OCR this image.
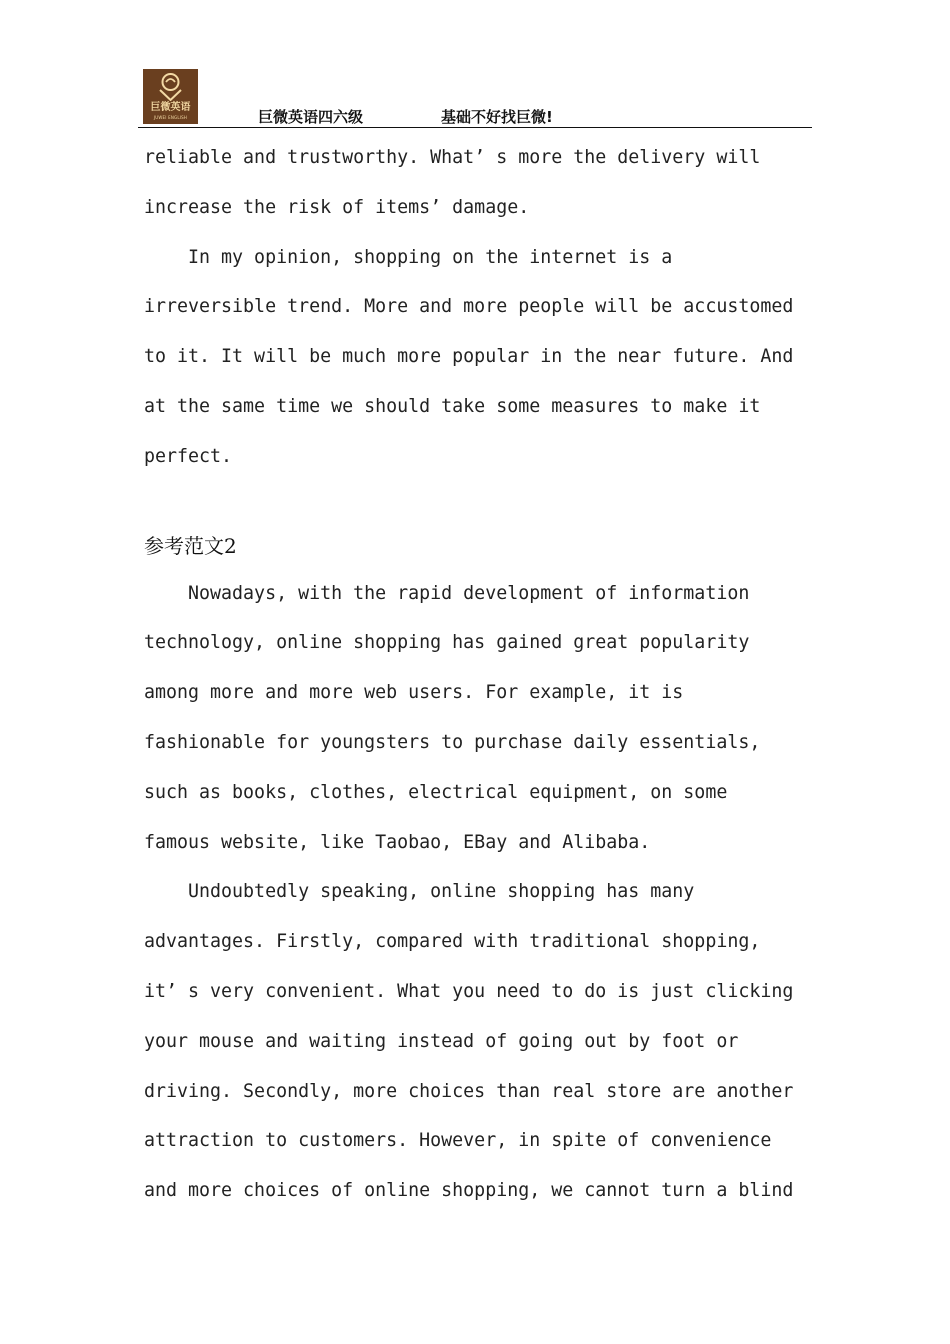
巨微英语
JUWEI ENGLISH	巨微英语四六级	基础不好找巨微!
reliable and trustworthy. What’ s more the delivery will
increase the risk of items’ damage.
In my opinion, shopping on the internet is a
irreversible trend. More and more people will be accustomed
to it. It will be much more popular in the near future. And
at the same time we should take some measures to make it
perfect.
参考范文2
Nowadays, with the rapid development of information
technology, online shopping has gained great popularity
among more and more web users. For example, it is
fashionable for youngsters to purchase daily essentials,
such as books, clothes, electrical equipment, on some
famous website, like Taobao, EBay and Alibaba.
Undoubtedly speaking, online shopping has many
advantages. Firstly, compared with traditional shopping,
it’ s very convenient. What you need to do is just clicking
your mouse and waiting instead of going out by foot or
driving. Secondly, more choices than real store are another
attraction to customers. However, in spite of convenience
and more choices of online shopping, we cannot turn a blind
